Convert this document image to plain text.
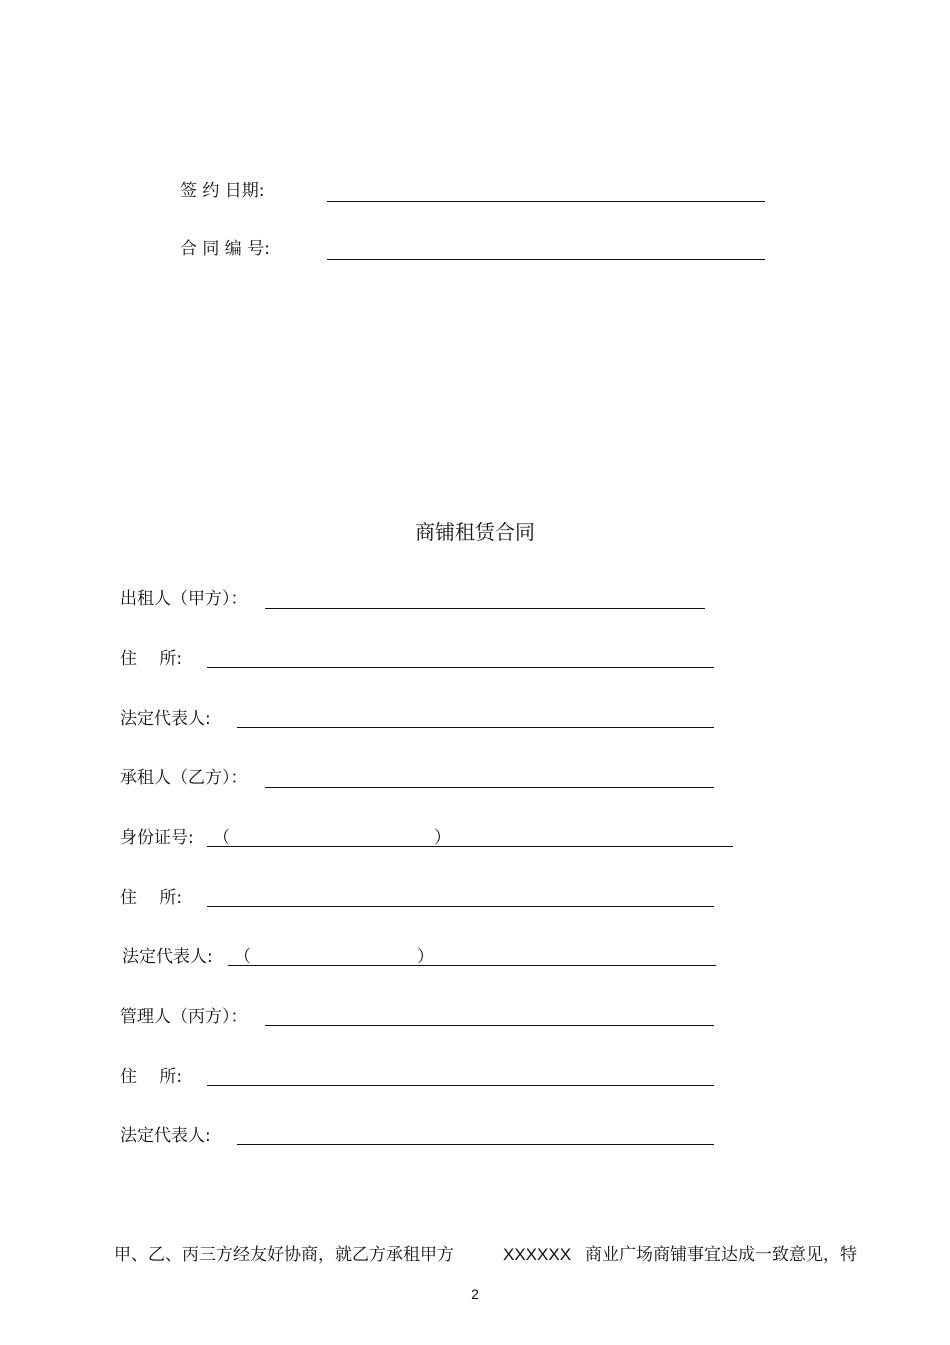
签 约 日期:
合 同 编 号:
商铺租赁合同
出租人（甲方）：
住　 所:
法定代表人:
承租人（乙方）：
身份证号: （	）
住　 所:
法定代表人: （	）
管理人（丙方）：
住　 所:
法定代表人:
甲、乙、丙三方经友好协商，就乙方承租甲方	XXXXXX 商业广场商铺事宜达成一致意见，特
2
